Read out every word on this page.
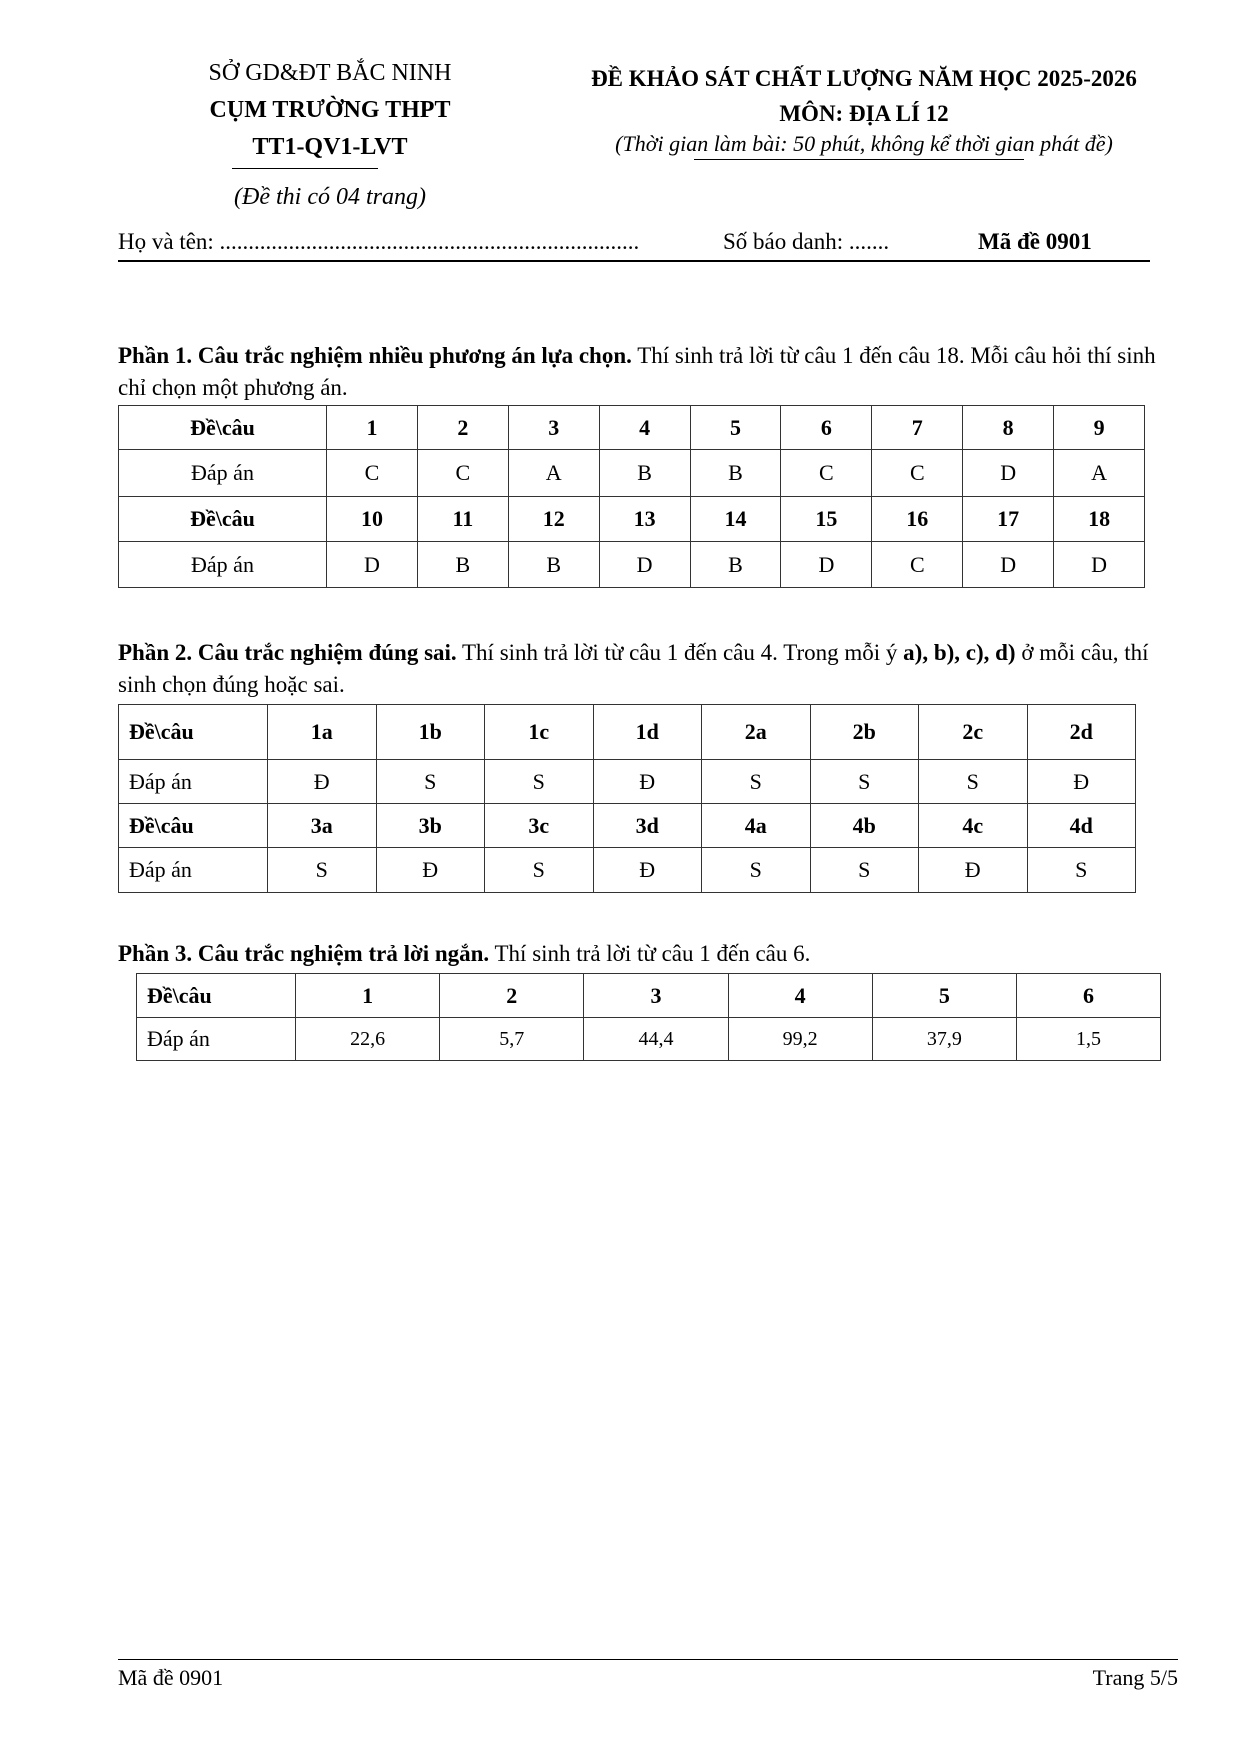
SỞ GD&ĐT BẮC NINH
CỤM TRƯỜNG THPT
TT1-QV1-LVT
(Đề thi có 04 trang)
ĐỀ KHẢO SÁT CHẤT LƯỢNG NĂM HỌC 2025-2026
MÔN: ĐỊA LÍ 12
(Thời gian làm bài: 50 phút, không kể thời gian phát đề)
Họ và tên: .........................................................................	Số báo danh: .......	Mã đề 0901
Phần 1. Câu trắc nghiệm nhiều phương án lựa chọn. Thí sinh trả lời từ câu 1 đến câu 18. Mỗi câu hỏi thí sinh chỉ chọn một phương án.
Đề\câu	1	2	3	4	5	6	7	8	9
Đáp án	C	C	A	B	B	C	C	D	A
Đề\câu	10	11	12	13	14	15	16	17	18
Đáp án	D	B	B	D	B	D	C	D	D
Phần 2. Câu trắc nghiệm đúng sai. Thí sinh trả lời từ câu 1 đến câu 4. Trong mỗi ý a), b), c), d) ở mỗi câu, thí sinh chọn đúng hoặc sai.
Đề\câu	1a	1b	1c	1d	2a	2b	2c	2d
Đáp án	Đ	S	S	Đ	S	S	S	Đ
Đề\câu	3a	3b	3c	3d	4a	4b	4c	4d
Đáp án	S	Đ	S	Đ	S	S	Đ	S
Phần 3. Câu trắc nghiệm trả lời ngắn. Thí sinh trả lời từ câu 1 đến câu 6.
Đề\câu	1	2	3	4	5	6
Đáp án	22,6	5,7	44,4	99,2	37,9	1,5
Mã đề 0901	Trang 5/5
